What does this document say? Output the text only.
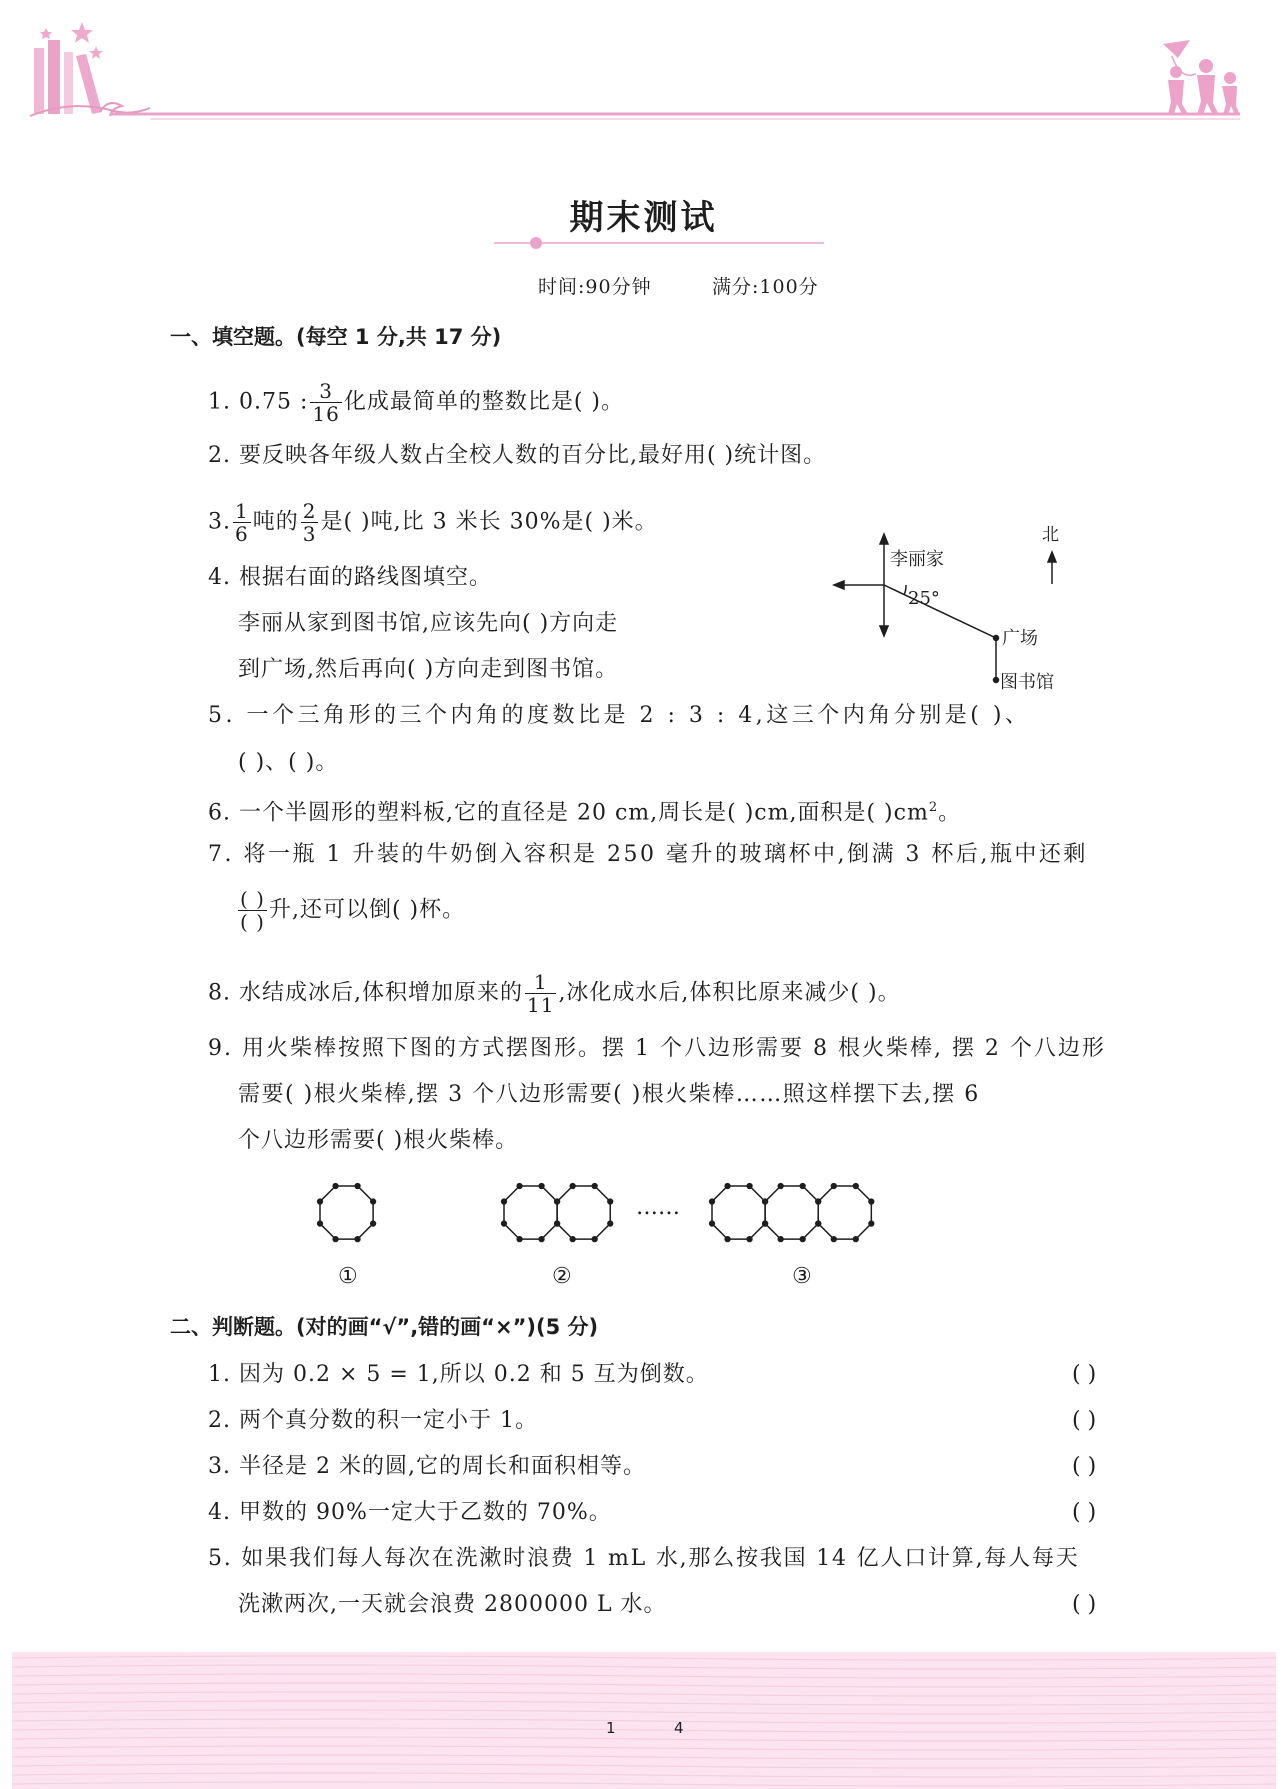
期末测试
时间:90分钟	满分:100分
一、填空题。(每空 1 分,共 17 分)
1. 0.75 : $\frac{3}{16}$ 化成最简单的整数比是( )。
2. 要反映各年级人数占全校人数的百分比,最好用( )统计图。
3. $\frac{1}{6}$ 吨的 $\frac{2}{3}$ 是( )吨,比 3 米长 30%是( )米。
4. 根据右面的路线图填空。
李丽从家到图书馆,应该先向( )方向走
到广场,然后再向( )方向走到图书馆。
李丽家
25°
广场
图书馆
北
5. 一个三角形的三个内角的度数比是 2 : 3 : 4,这三个内角分别是( )、
( )、( )。
6. 一个半圆形的塑料板,它的直径是 20 cm,周长是( )cm,面积是( )$cm^2$。
7. 将一瓶 1 升装的牛奶倒入容积是 250 毫升的玻璃杯中,倒满 3 杯后,瓶中还剩
$\frac{( )}{( )}$ 升,还可以倒( )杯。
8. 水结成冰后,体积增加原来的 $\frac{1}{11}$ ,冰化成水后,体积比原来减少( )。
9. 用火柴棒按照下图的方式摆图形。摆 1 个八边形需要 8 根火柴棒, 摆 2 个八边形
需要( )根火柴棒,摆 3 个八边形需要( )根火柴棒……照这样摆下去,摆 6
个八边形需要( )根火柴棒。
……
①	②	③
二、判断题。(对的画“√”,错的画“×”)(5 分)
1. 因为 0.2 × 5 = 1,所以 0.2 和 5 互为倒数。	( )
2. 两个真分数的积一定小于 1。	( )
3. 半径是 2 米的圆,它的周长和面积相等。	( )
4. 甲数的 90%一定大于乙数的 70%。	( )
5. 如果我们每人每次在洗漱时浪费 1 mL 水,那么按我国 14 亿人口计算,每人每天
洗漱两次,一天就会浪费 2800000 L 水。	( )
1	4
